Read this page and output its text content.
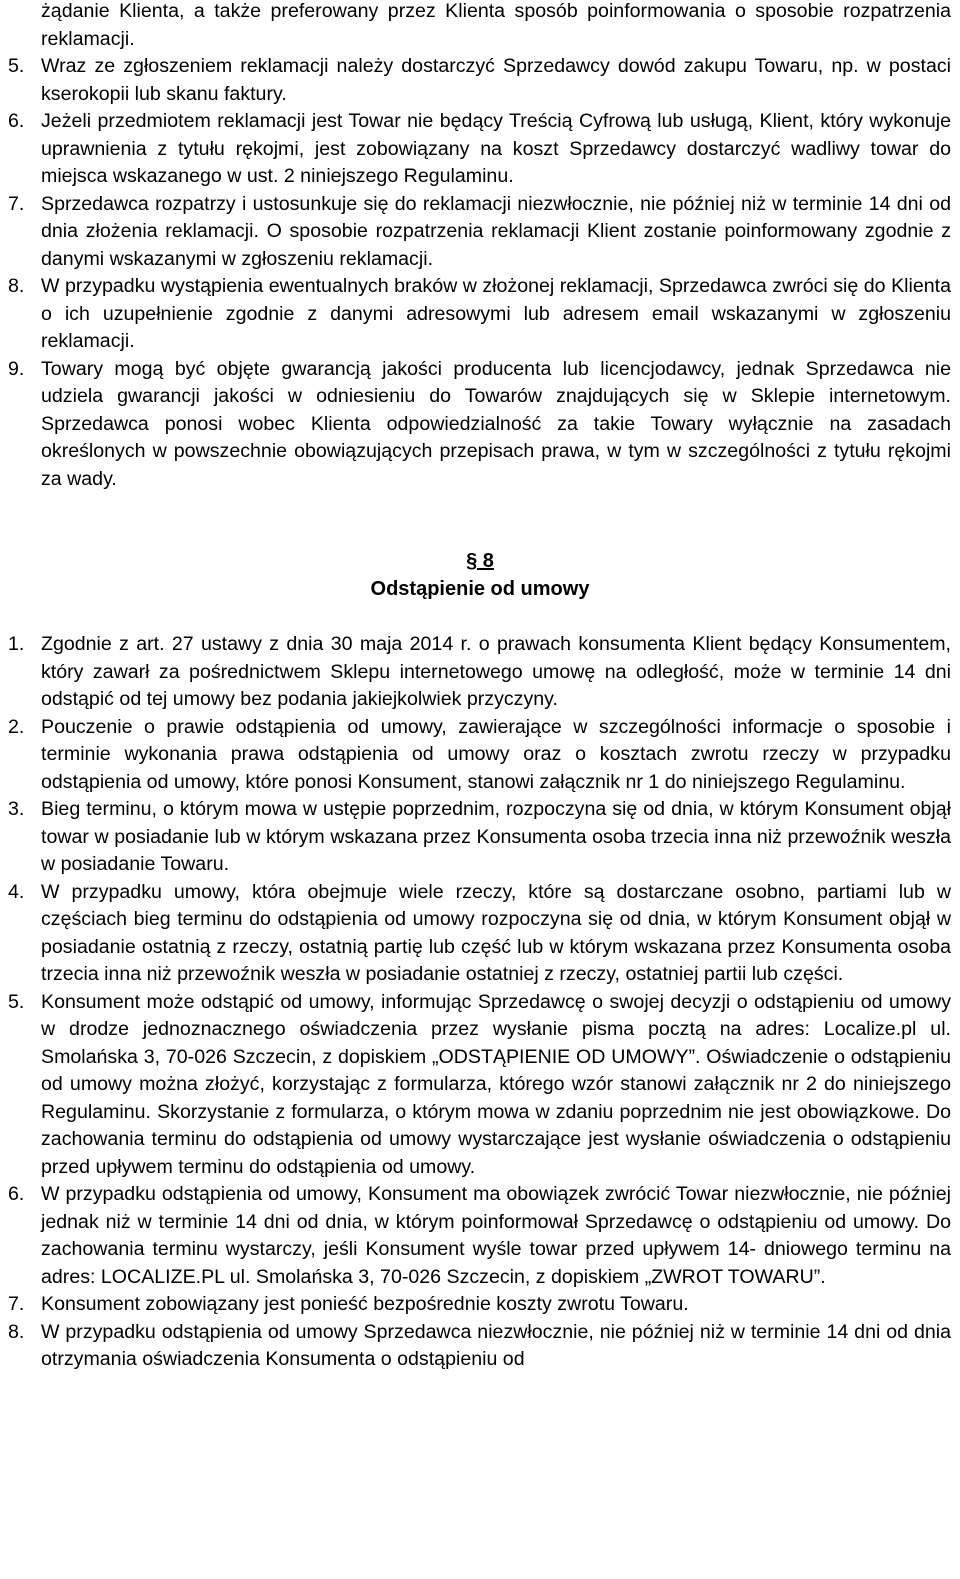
żądanie Klienta, a także preferowany przez Klienta sposób poinformowania o sposobie rozpatrzenia reklamacji.
5. Wraz ze zgłoszeniem reklamacji należy dostarczyć Sprzedawcy dowód zakupu Towaru, np. w postaci kserokopii lub skanu faktury.
6. Jeżeli przedmiotem reklamacji jest Towar nie będący Treścią Cyfrową lub usługą, Klient, który wykonuje uprawnienia z tytułu rękojmi, jest zobowiązany na koszt Sprzedawcy dostarczyć wadliwy towar do miejsca wskazanego w ust. 2 niniejszego Regulaminu.
7. Sprzedawca rozpatrzy i ustosunkuje się do reklamacji niezwłocznie, nie później niż w terminie 14 dni od dnia złożenia reklamacji. O sposobie rozpatrzenia reklamacji Klient zostanie poinformowany zgodnie z danymi wskazanymi w zgłoszeniu reklamacji.
8. W przypadku wystąpienia ewentualnych braków w złożonej reklamacji, Sprzedawca zwróci się do Klienta o ich uzupełnienie zgodnie z danymi adresowymi lub adresem email wskazanymi w zgłoszeniu reklamacji.
9. Towary mogą być objęte gwarancją jakości producenta lub licencjodawcy, jednak Sprzedawca nie udziela gwarancji jakości w odniesieniu do Towarów znajdujących się w Sklepie internetowym. Sprzedawca ponosi wobec Klienta odpowiedzialność za takie Towary wyłącznie na zasadach określonych w powszechnie obowiązujących przepisach prawa, w tym w szczególności z tytułu rękojmi za wady.
§ 8
Odstąpienie od umowy
1. Zgodnie z art. 27 ustawy z dnia 30 maja 2014 r. o prawach konsumenta Klient będący Konsumentem, który zawarł za pośrednictwem Sklepu internetowego umowę na odległość, może w terminie 14 dni odstąpić od tej umowy bez podania jakiejkolwiek przyczyny.
2. Pouczenie o prawie odstąpienia od umowy, zawierające w szczególności informacje o sposobie i terminie wykonania prawa odstąpienia od umowy oraz o kosztach zwrotu rzeczy w przypadku odstąpienia od umowy, które ponosi Konsument, stanowi załącznik nr 1 do niniejszego Regulaminu.
3. Bieg terminu, o którym mowa w ustępie poprzednim, rozpoczyna się od dnia, w którym Konsument objął towar w posiadanie lub w którym wskazana przez Konsumenta osoba trzecia inna niż przewoźnik weszła w posiadanie Towaru.
4. W przypadku umowy, która obejmuje wiele rzeczy, które są dostarczane osobno, partiami lub w częściach bieg terminu do odstąpienia od umowy rozpoczyna się od dnia, w którym Konsument objął w posiadanie ostatnią z rzeczy, ostatnią partię lub część lub w którym wskazana przez Konsumenta osoba trzecia inna niż przewoźnik weszła w posiadanie ostatniej z rzeczy, ostatniej partii lub części.
5. Konsument może odstąpić od umowy, informując Sprzedawcę o swojej decyzji o odstąpieniu od umowy w drodze jednoznacznego oświadczenia przez wysłanie pisma pocztą na adres: Localize.pl ul. Smolańska 3, 70-026 Szczecin, z dopiskiem „ODSTĄPIENIE OD UMOWY”. Oświadczenie o odstąpieniu od umowy można złożyć, korzystając z formularza, którego wzór stanowi załącznik nr 2 do niniejszego Regulaminu. Skorzystanie z formularza, o którym mowa w zdaniu poprzednim nie jest obowiązkowe. Do zachowania terminu do odstąpienia od umowy wystarczające jest wysłanie oświadczenia o odstąpieniu przed upływem terminu do odstąpienia od umowy.
6. W przypadku odstąpienia od umowy, Konsument ma obowiązek zwrócić Towar niezwłocznie, nie później jednak niż w terminie 14 dni od dnia, w którym poinformował Sprzedawcę o odstąpieniu od umowy. Do zachowania terminu wystarczy, jeśli Konsument wyśle towar przed upływem 14- dniowego terminu na adres: LOCALIZE.PL ul. Smolańska 3, 70-026 Szczecin, z dopiskiem „ZWROT TOWARU”.
7. Konsument zobowiązany jest ponieść bezpośrednie koszty zwrotu Towaru.
8. W przypadku odstąpienia od umowy Sprzedawca niezwłocznie, nie później niż w terminie 14 dni od dnia otrzymania oświadczenia Konsumenta o odstąpieniu od
